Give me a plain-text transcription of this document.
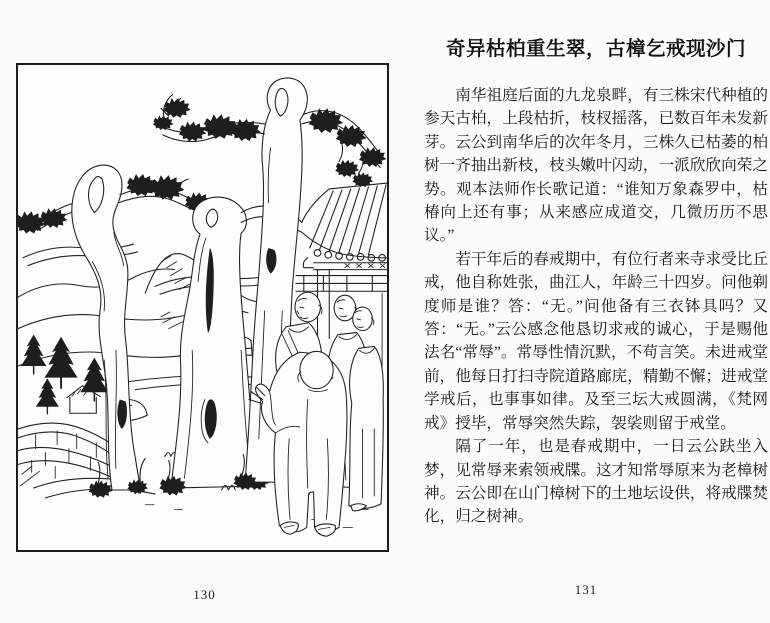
130
奇异枯柏重生翠，古樟乞戒现沙门

南华祖庭后面的九龙泉畔，有三株宋代种植的参天古柏，上段枯折，枝杈摇落，已数百年未发新芽。云公到南华后的次年冬月，三株久已枯萎的柏树一齐抽出新枝，枝头嫩叶闪动，一派欣欣向荣之势。观本法师作长歌记道：“谁知万象森罗中，枯椿向上还有事；从来感应成道交，几微历历不思议。”

若干年后的春戒期中，有位行者来寺求受比丘戒，他自称姓张，曲江人，年龄三十四岁。问他剃度师是谁？答：“无。”问他备有三衣钵具吗？又答：“无。”云公感念他恳切求戒的诚心，于是赐他法名“常辱”。常辱性情沉默，不苟言笑。未进戒堂前，他每日打扫寺院道路廊庑，精勤不懈；进戒堂学戒后，也事事如律。及至三坛大戒圆满，《梵网戒》授毕，常辱突然失踪，袈裟则留于戒堂。

隔了一年，也是春戒期中，一日云公趺坐入梦，见常辱来索领戒牒。这才知常辱原来为老樟树神。云公即在山门樟树下的土地坛设供，将戒牒焚化，归之树神。

131
